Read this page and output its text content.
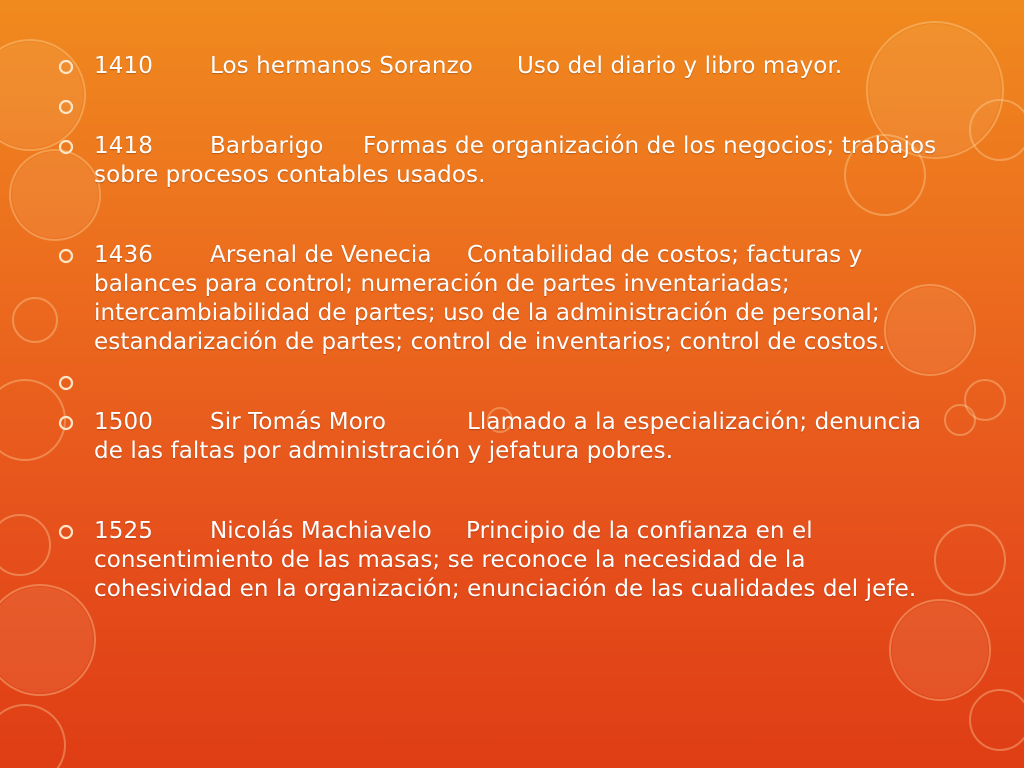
1410 Los hermanos Soranzo Uso del diario y libro mayor.

1418 Barbarigo Formas de organización de los negocios; trabajos sobre procesos contables usados.
1436 Arsenal de Venecia Contabilidad de costos; facturas y balances para control; numeración de partes inventariadas; intercambiabilidad de partes; uso de la administración de personal; estandarización de partes; control de inventarios; control de costos.

1500 Sir Tomás Moro	Llamado a la especialización; denuncia de las faltas por administración y jefatura pobres.
1525 Nicolás Machiavelo Principio de la confianza en el consentimiento de las masas; se reconoce la necesidad de la cohesividad en la organización; enunciación de las cualidades del jefe.
